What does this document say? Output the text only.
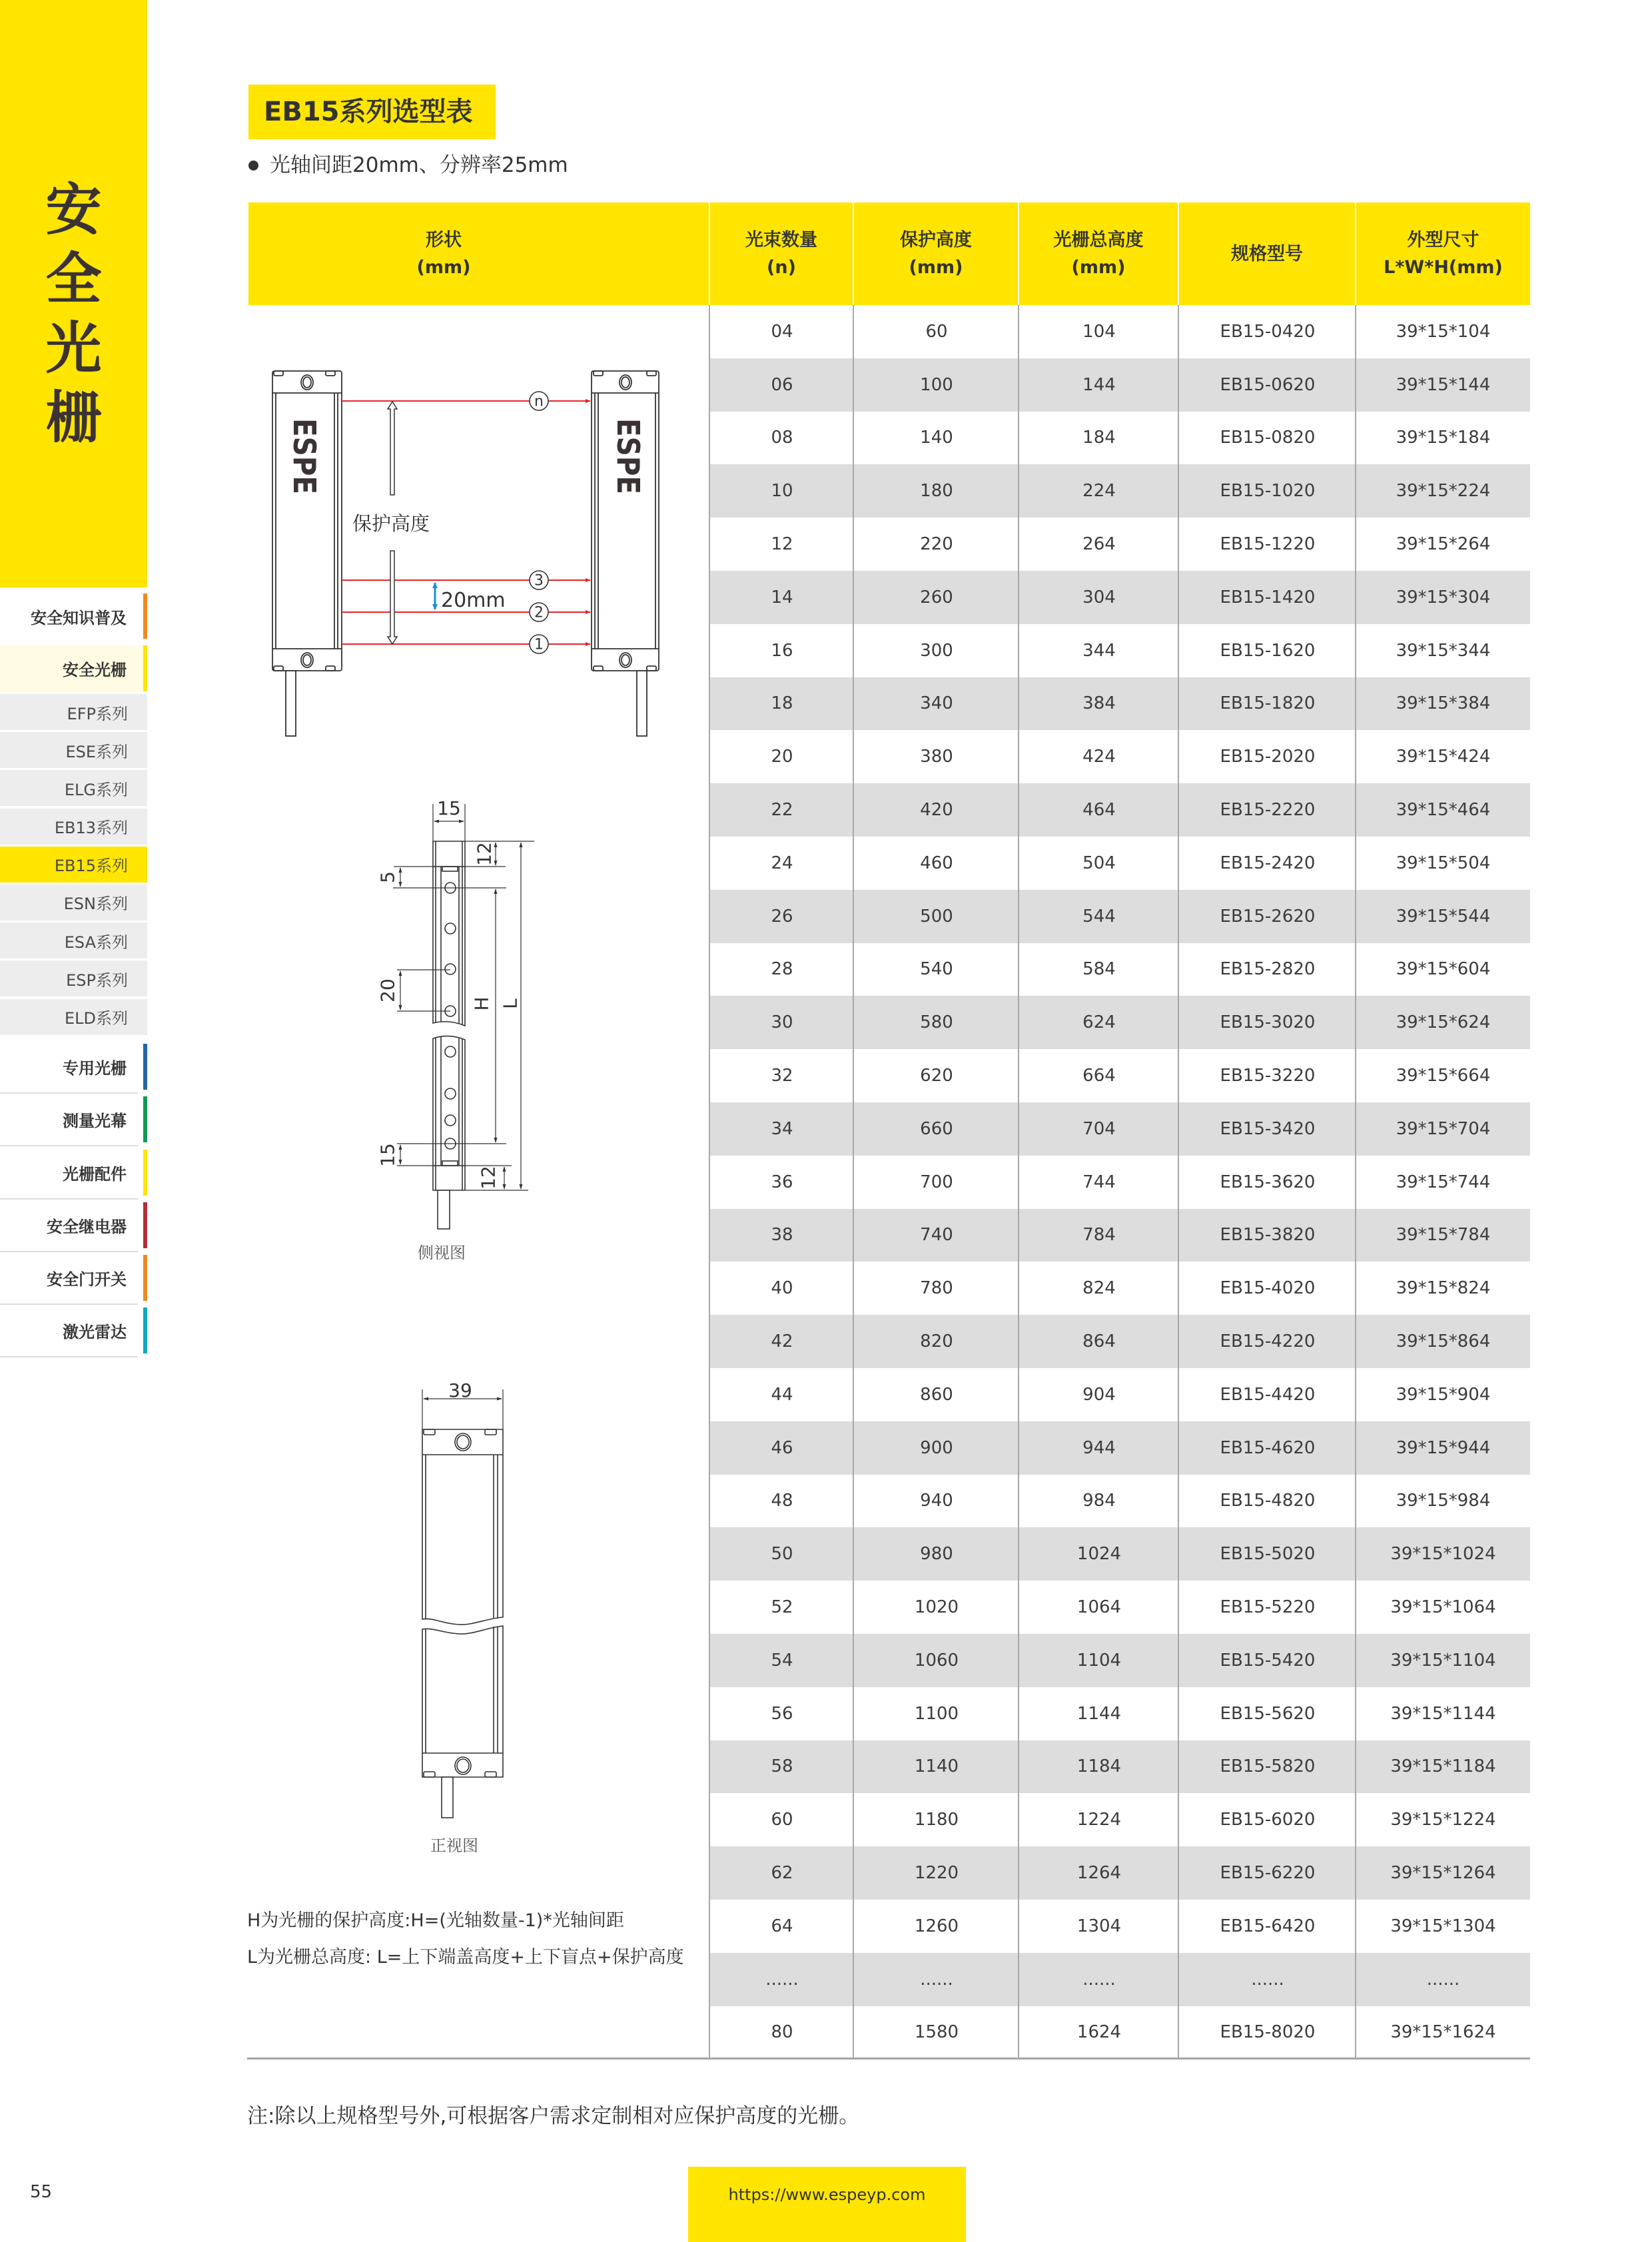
安
全
光
栅
安全知识普及
安全光栅
EFP系列
ESE系列
ELG系列
EB13系列
EB15系列
ESN系列
ESA系列
ESP系列
ELD系列
专用光栅
测量光幕
光栅配件
安全继电器
安全门开关
激光雷达
EB15系列选型表
光轴间距20mm、分辨率25mm
形状
(mm)
光束数量
(n)
保护高度
(mm)
光栅总高度
(mm)
规格型号
外型尺寸
L*W*H(mm)
04	60	104	EB15-0420	39*15*104
06	100	144	EB15-0620	39*15*144
08	140	184	EB15-0820	39*15*184
10	180	224	EB15-1020	39*15*224
12	220	264	EB15-1220	39*15*264
14	260	304	EB15-1420	39*15*304
16	300	344	EB15-1620	39*15*344
18	340	384	EB15-1820	39*15*384
20	380	424	EB15-2020	39*15*424
22	420	464	EB15-2220	39*15*464
24	460	504	EB15-2420	39*15*504
26	500	544	EB15-2620	39*15*544
28	540	584	EB15-2820	39*15*604
30	580	624	EB15-3020	39*15*624
32	620	664	EB15-3220	39*15*664
34	660	704	EB15-3420	39*15*704
36	700	744	EB15-3620	39*15*744
38	740	784	EB15-3820	39*15*784
40	780	824	EB15-4020	39*15*824
42	820	864	EB15-4220	39*15*864
44	860	904	EB15-4420	39*15*904
46	900	944	EB15-4620	39*15*944
48	940	984	EB15-4820	39*15*984
50	980	1024	EB15-5020	39*15*1024
52	1020	1064	EB15-5220	39*15*1064
54	1060	1104	EB15-5420	39*15*1104
56	1100	1144	EB15-5620	39*15*1144
58	1140	1184	EB15-5820	39*15*1184
60	1180	1224	EB15-6020	39*15*1224
62	1220	1264	EB15-6220	39*15*1264
64	1260	1304	EB15-6420	39*15*1304
......	......	......	......	......
80	1580	1624	EB15-8020	39*15*1624
ESPE	ESPE
n
3
2
1
保护高度
20mm
15
12
5
20
15
12
H L
侧视图
39
正视图
H为光栅的保护高度:H=(光轴数量-1)*光轴间距
L为光栅总高度: L=上下端盖高度+上下盲点+保护高度
注:除以上规格型号外,可根据客户需求定制相对应保护高度的光栅。
55	https://www.espeyp.com
